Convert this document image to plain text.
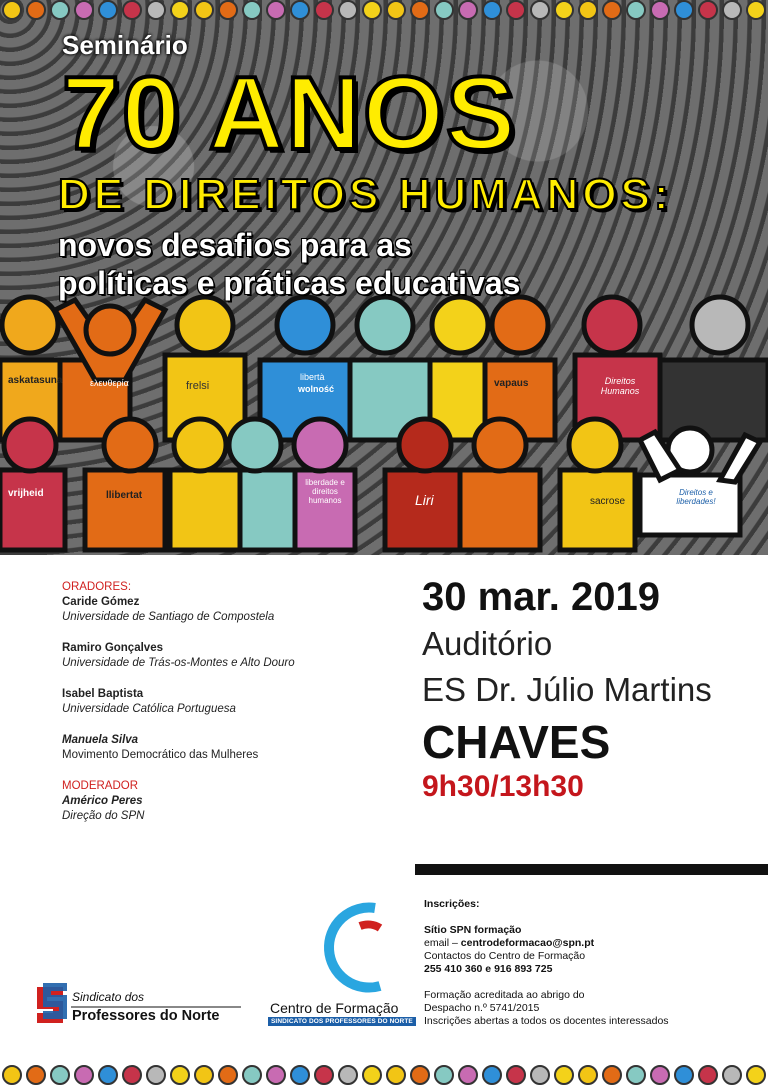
Seminário
70 ANOS
DE DIREITOS HUMANOS:
novos desafios para as
políticas e práticas educativas
askatasuna	ελευθερία	frelsi
libertà
wolność	vapaus	Direitos Humanos
vrijheid	llibertat
liberdade e direitos humanos	Liri	sacrose
Direitos e liberdades!
ORADORES:
Caride Gómez
Universidade de Santiago de Compostela
Ramiro Gonçalves
Universidade de Trás-os-Montes e Alto Douro
Isabel Baptista
Universidade Católica Portuguesa
Manuela Silva
Movimento Democrático das Mulheres
MODERADOR
Américo Peres
Direção do SPN
30 mar. 2019
Auditório
ES Dr. Júlio Martins
CHAVES
9h30/13h30
Inscrições:
Sítio SPN formação
email – centrodeformacao@spn.pt
Contactos do Centro de Formação
255 410 360 e 916 893 725
Formação acreditada ao abrigo do
Despacho n.º 5741/2015
Inscrições abertas a todos os docentes interessados
Sindicato dos
Professores do Norte	Centro de Formação
SINDICATO DOS PROFESSORES DO NORTE
